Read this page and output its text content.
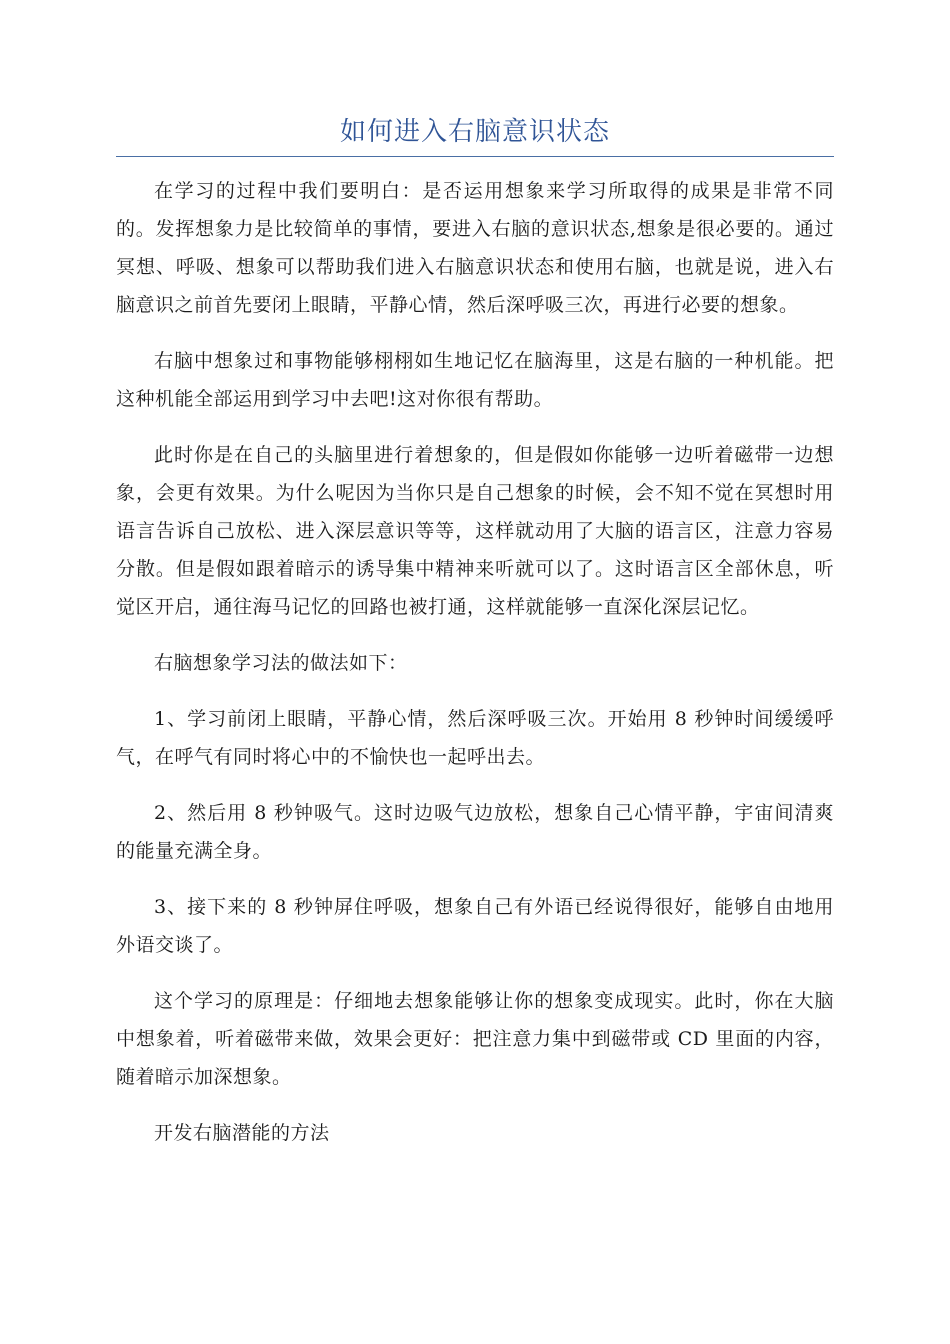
如何进入右脑意识状态

在学习的过程中我们要明白：是否运用想象来学习所取得的成果是非常不同的。发挥想象力是比较简单的事情，要进入右脑的意识状态,想象是很必要的。通过冥想、呼吸、想象可以帮助我们进入右脑意识状态和使用右脑，也就是说，进入右脑意识之前首先要闭上眼睛，平静心情，然后深呼吸三次，再进行必要的想象。

右脑中想象过和事物能够栩栩如生地记忆在脑海里，这是右脑的一种机能。把这种机能全部运用到学习中去吧!这对你很有帮助。

此时你是在自己的头脑里进行着想象的，但是假如你能够一边听着磁带一边想象，会更有效果。为什么呢因为当你只是自己想象的时候，会不知不觉在冥想时用语言告诉自己放松、进入深层意识等等，这样就动用了大脑的语言区，注意力容易分散。但是假如跟着暗示的诱导集中精神来听就可以了。这时语言区全部休息，听觉区开启，通往海马记忆的回路也被打通，这样就能够一直深化深层记忆。

右脑想象学习法的做法如下：

1、学习前闭上眼睛，平静心情，然后深呼吸三次。开始用 8 秒钟时间缓缓呼气，在呼气有同时将心中的不愉快也一起呼出去。

2、然后用 8 秒钟吸气。这时边吸气边放松，想象自己心情平静，宇宙间清爽的能量充满全身。

3、接下来的 8 秒钟屏住呼吸，想象自己有外语已经说得很好，能够自由地用外语交谈了。

这个学习的原理是：仔细地去想象能够让你的想象变成现实。此时，你在大脑中想象着，听着磁带来做，效果会更好：把注意力集中到磁带或 CD 里面的内容，随着暗示加深想象。

开发右脑潜能的方法
